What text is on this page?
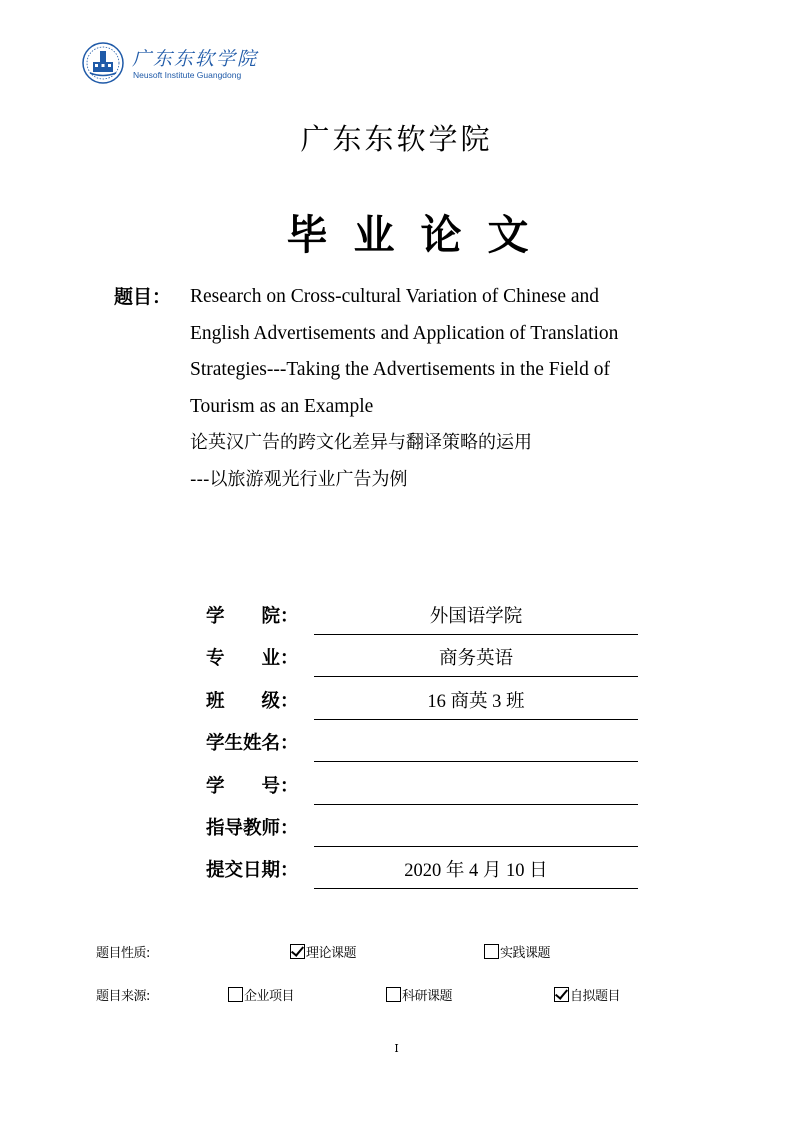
广东东软学院
Neusoft Institute Guangdong
广东东软学院
毕业论文
题目： Research on Cross-cultural Variation of Chinese and
English Advertisements and Application of Translation
Strategies---Taking the Advertisements in the Field of
Tourism as an Example
论英汉广告的跨文化差异与翻译策略的运用
---以旅游观光行业广告为例
学　　院：	外国语学院
专　　业：	商务英语
班　　级：	16 商英 3 班
学生姓名：
学　　号：
指导教师：
提交日期：	2020 年 4 月 10 日
题目性质:	理论课题	实践课题
题目来源:	企业项目	科研课题	自拟题目
I
